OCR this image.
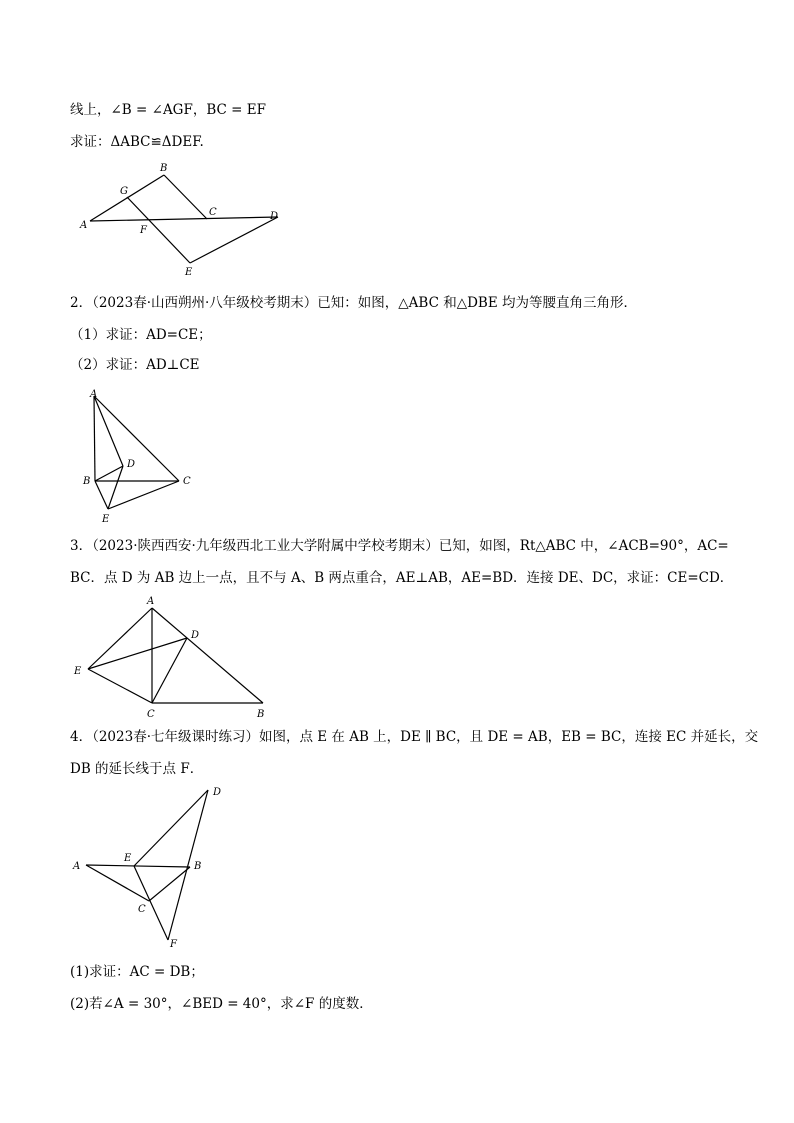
线上，∠B = ∠AGF，BC = EF
求证：ΔABC≌ΔDEF.
A
B
G
C	D
F
E
2．（2023春·山西朔州·八年级校考期末）已知：如图，△ABC 和△DBE 均为等腰直角三角形．
（1）求证：AD=CE；
（2）求证：AD⊥CE
A
B
D
C
E
3．（2023·陕西西安·九年级西北工业大学附属中学校考期末）已知，如图，Rt△ABC 中，∠ACB=90°，AC=
BC．点 D 为 AB 边上一点，且不与 A、B 两点重合，AE⊥AB，AE=BD．连接 DE、DC，求证：CE=CD．
A
D
E
C	B
4．（2023春·七年级课时练习）如图，点 E 在 AB 上，DE ∥ BC，且 DE = AB，EB = BC，连接 EC 并延长，交
DB 的延长线于点 F．
D
A
E
B
C
F
(1)求证：AC = DB；
(2)若∠A = 30°，∠BED = 40°，求∠F 的度数．
